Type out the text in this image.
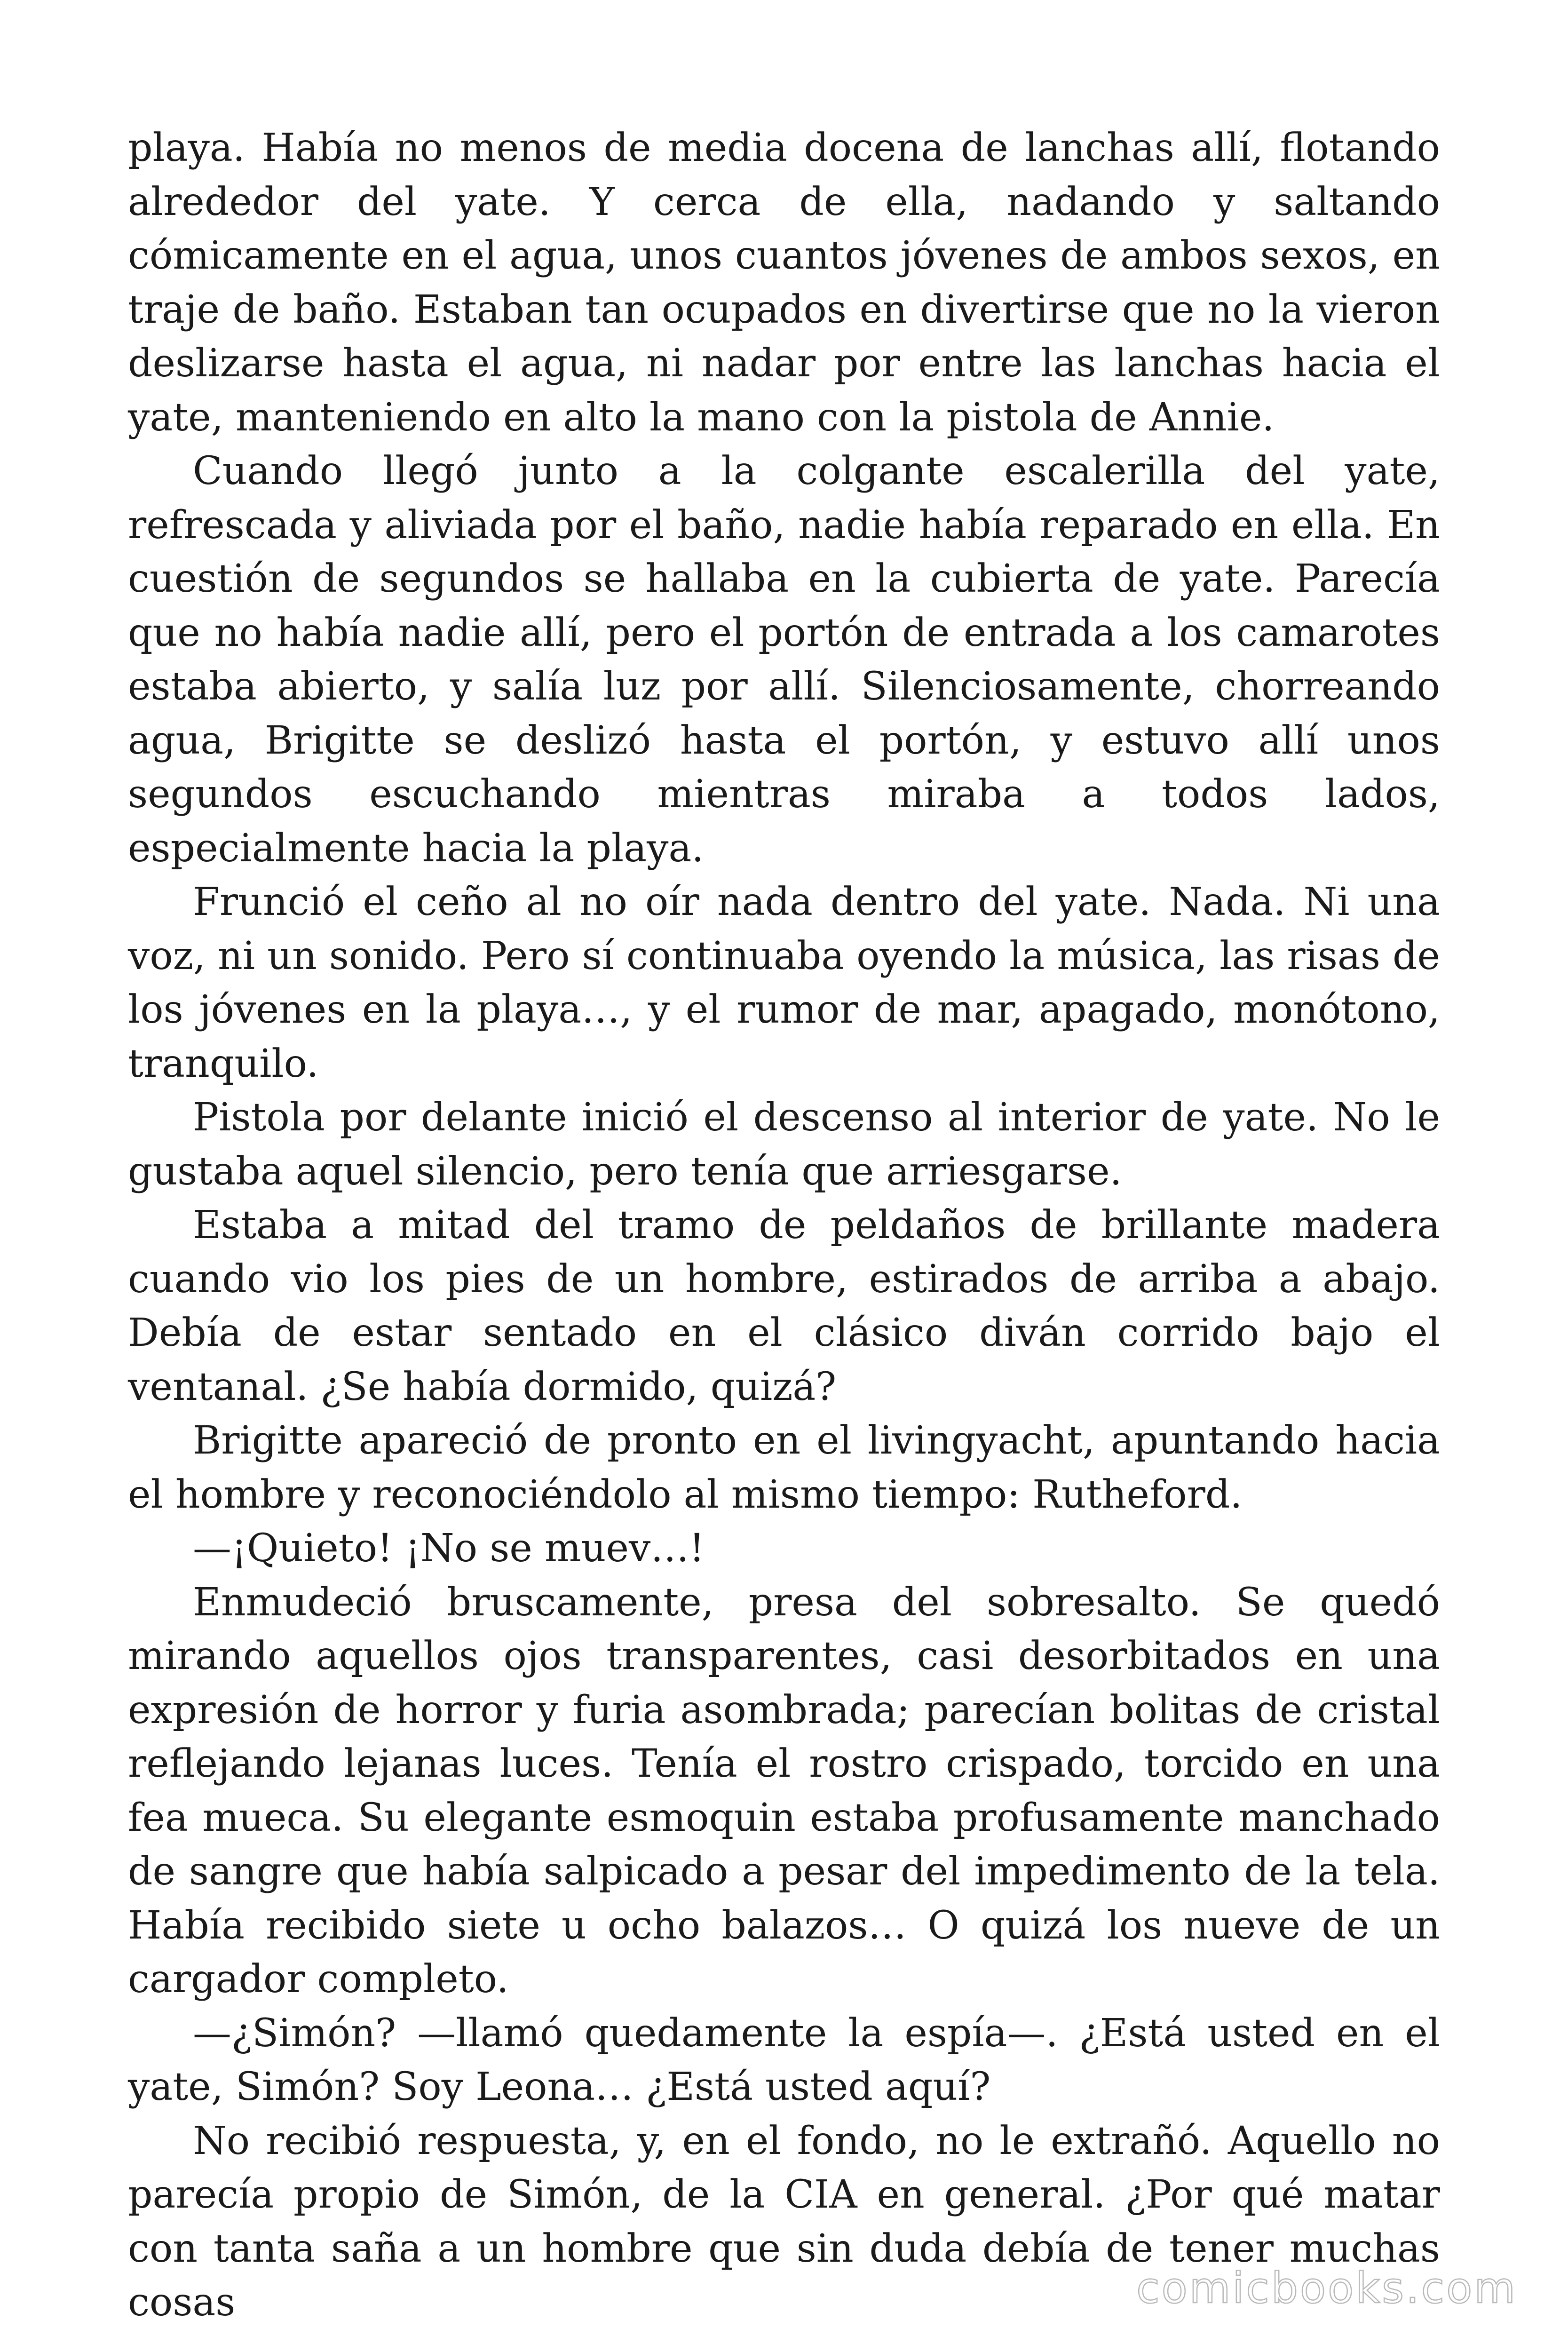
playa. Había no menos de media docena de lanchas allí, flotando alrededor del yate. Y cerca de ella, nadando y saltando cómicamente en el agua, unos cuantos jóvenes de ambos sexos, en traje de baño. Estaban tan ocupados en divertirse que no la vieron deslizarse hasta el agua, ni nadar por entre las lanchas hacia el yate, manteniendo en alto la mano con la pistola de Annie.

Cuando llegó junto a la colgante escalerilla del yate, refrescada y aliviada por el baño, nadie había reparado en ella. En cuestión de segundos se hallaba en la cubierta de yate. Parecía que no había nadie allí, pero el portón de entrada a los camarotes estaba abierto, y salía luz por allí. Silenciosamente, chorreando agua, Brigitte se deslizó hasta el portón, y estuvo allí unos segundos escuchando mientras miraba a todos lados, especialmente hacia la playa.

Frunció el ceño al no oír nada dentro del yate. Nada. Ni una voz, ni un sonido. Pero sí continuaba oyendo la música, las risas de los jóvenes en la playa…, y el rumor de mar, apagado, monótono, tranquilo.

Pistola por delante inició el descenso al interior de yate. No le gustaba aquel silencio, pero tenía que arriesgarse.

Estaba a mitad del tramo de peldaños de brillante madera cuando vio los pies de un hombre, estirados de arriba a abajo. Debía de estar sentado en el clásico diván corrido bajo el ventanal. ¿Se había dormido, quizá?

Brigitte apareció de pronto en el livingyacht, apuntando hacia el hombre y reconociéndolo al mismo tiempo: Rutheford.

—¡Quieto! ¡No se muev…!

Enmudeció bruscamente, presa del sobresalto. Se quedó mirando aquellos ojos transparentes, casi desorbitados en una expresión de horror y furia asombrada; parecían bolitas de cristal reflejando lejanas luces. Tenía el rostro crispado, torcido en una fea mueca. Su elegante esmoquin estaba profusamente manchado de sangre que había salpicado a pesar del impedimento de la tela. Había recibido siete u ocho balazos… O quizá los nueve de un cargador completo.

—¿Simón? —llamó quedamente la espía—. ¿Está usted en el yate, Simón? Soy Leona… ¿Está usted aquí?

No recibió respuesta, y, en el fondo, no le extrañó. Aquello no parecía propio de Simón, de la CIA en general. ¿Por qué matar con tanta saña a un hombre que sin duda debía de tener muchas cosas	comicbooks.com
